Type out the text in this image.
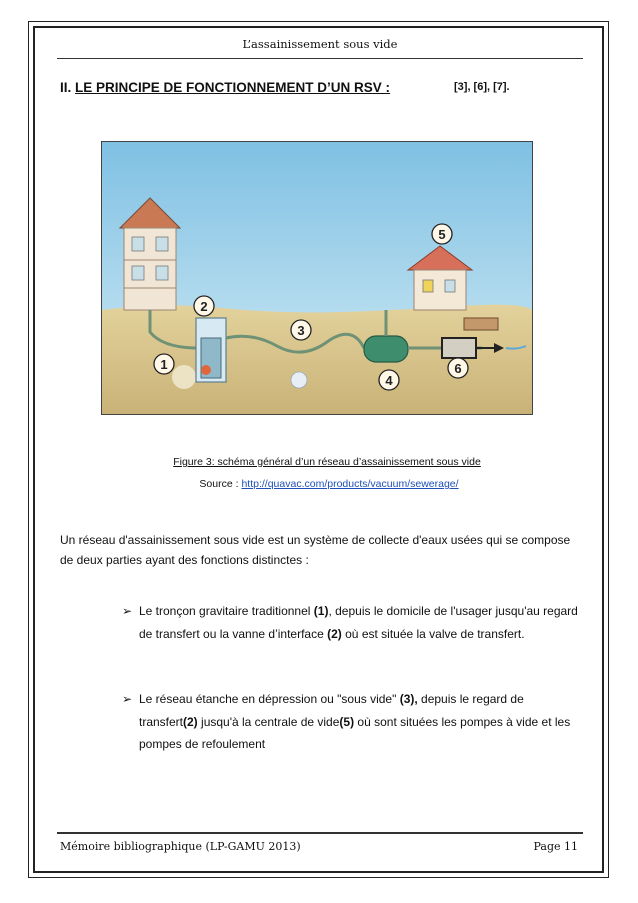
L’assainissement sous vide
II. LE PRINCIPE DE FONCTIONNEMENT D’UN RSV :	[3], [6], [7].
1
2
3
4
5
6
Figure 3: schéma général d’un réseau d’assainissement sous vide
Source : http://quavac.com/products/vacuum/sewerage/
Un réseau d'assainissement sous vide est un système de collecte d'eaux usées qui se compose de deux parties ayant des fonctions distinctes :
➢ Le tronçon gravitaire traditionnel (1), depuis le domicile de l'usager jusqu'au regard de transfert ou la vanne d’interface (2) où est située la valve de transfert.
➢ Le réseau étanche en dépression ou "sous vide" (3), depuis le regard de transfert(2) jusqu'à la centrale de vide(5) où sont situées les pompes à vide et les pompes de refoulement
Mémoire bibliographique (LP-GAMU 2013)	Page 11
